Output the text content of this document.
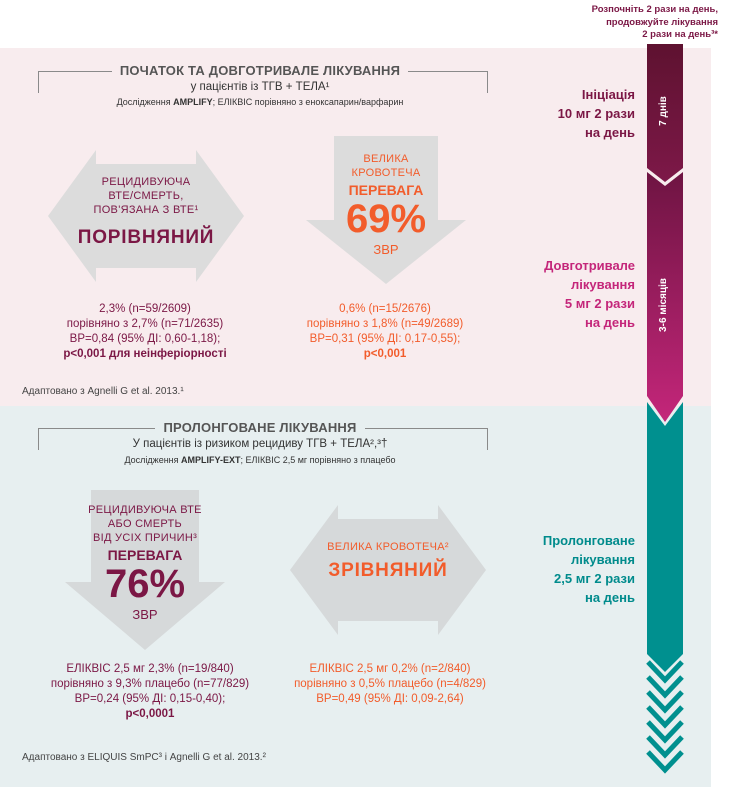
Розпочніть 2 рази на день,
продовжуйте лікування
2 рази на день³*
ПОЧАТОК ТА ДОВГОТРИВАЛЕ ЛІКУВАННЯ
у пацієнтів із ТГВ + ТЕЛА¹
Дослідження AMPLIFY; ЕЛІКВІС порівняно з еноксапарин/варфарин
РЕЦИДИВУЮЧА
ВТЕ/СМЕРТЬ,
ПОВ'ЯЗАНА З ВТЕ¹
ПОРІВНЯНИЙ
ВЕЛИКА
КРОВОТЕЧА
ПЕРЕВАГА
69%
ЗВР
2,3% (n=59/2609)
порівняно з 2,7% (n=71/2635)
ВР=0,84 (95% ДІ: 0,60-1,18);
p<0,001 для неінферіорності
0,6% (n=15/2676)
порівняно з 1,8% (n=49/2689)
ВР=0,31 (95% ДІ: 0,17-0,55);
p<0,001
Адаптовано з Agnelli G et al. 2013.¹
ПРОЛОНГОВАНЕ ЛІКУВАННЯ
У пацієнтів із ризиком рецидиву ТГВ + ТЕЛА²,³†
Дослідження AMPLIFY-EXT; ЕЛІКВІС 2,5 мг порівняно з плацебо
РЕЦИДИВУЮЧА ВТЕ
АБО СМЕРТЬ
ВІД УСІХ ПРИЧИН³
ПЕРЕВАГА
76%
ЗВР
ВЕЛИКА КРОВОТЕЧА²
ЗРІВНЯНИЙ
ЕЛІКВІС 2,5 мг 2,3% (n=19/840)
порівняно з 9,3% плацебо (n=77/829)
ВР=0,24 (95% ДІ: 0,15-0,40);
p<0,0001
ЕЛІКВІС 2,5 мг 0,2% (n=2/840)
порівняно з 0,5% плацебо (n=4/829)
ВР=0,49 (95% ДІ: 0,09-2,64)
Адаптовано з ELIQUIS SmPC³ і Agnelli G et al. 2013.²
Ініціація
10 мг 2 рази
на день
Довготривале
лікування
5 мг 2 рази
на день
Пролонговане
лікування
2,5 мг 2 рази
на день
7 днів
3-6 місяців
